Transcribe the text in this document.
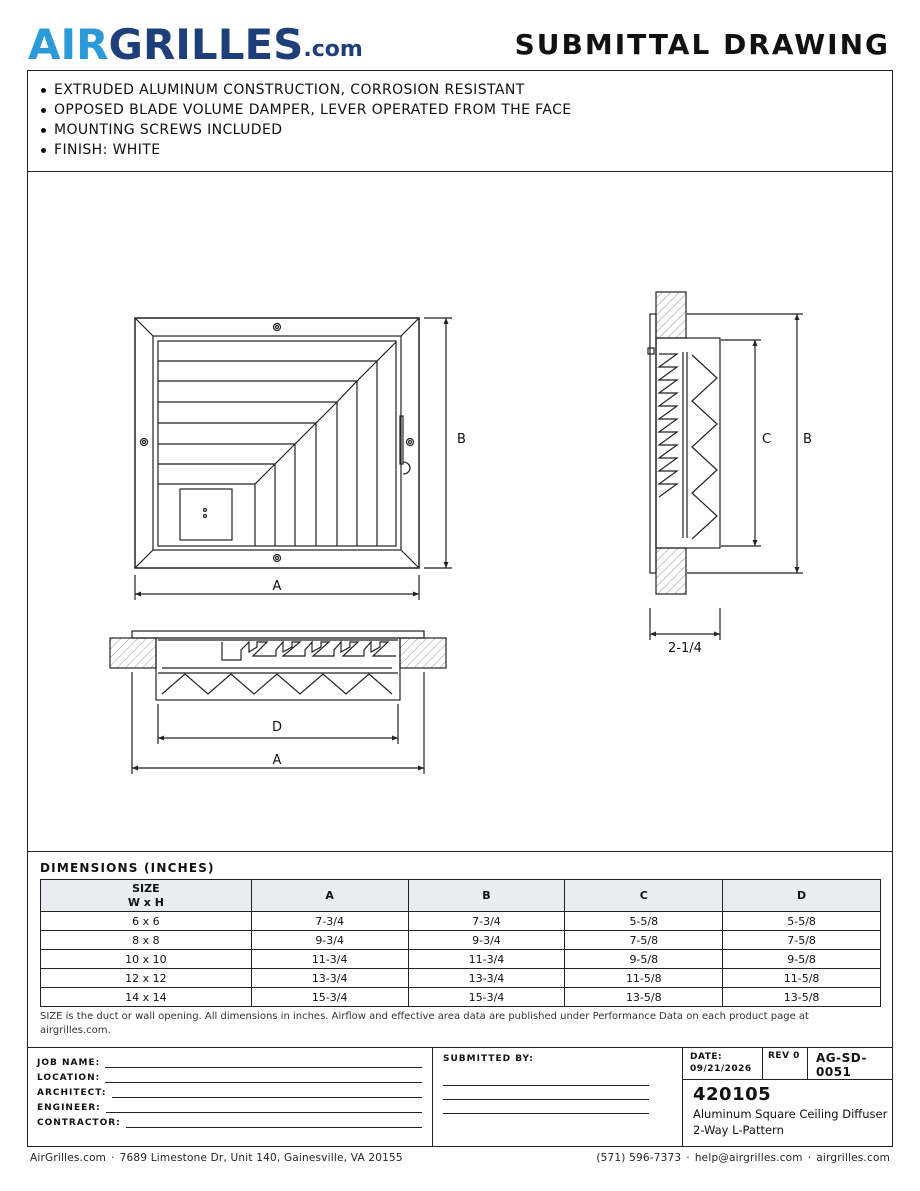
AIR GRILLES .com	SUBMITTAL DRAWING
EXTRUDED ALUMINUM CONSTRUCTION, CORROSION RESISTANT
OPPOSED BLADE VOLUME DAMPER, LEVER OPERATED FROM THE FACE
MOUNTING SCREWS INCLUDED
FINISH: WHITE
A
B	C B
2-1/4
D
A
DIMENSIONS (INCHES)
SIZE
W x H	A	B	C	D
6 x 6	7-3/4	7-3/4	5-5/8	5-5/8
8 x 8	9-3/4	9-3/4	7-5/8	7-5/8
10 x 10	11-3/4	11-3/4	9-5/8	9-5/8
12 x 12	13-3/4	13-3/4	11-5/8	11-5/8
14 x 14	15-3/4	15-3/4	13-5/8	13-5/8
SIZE is the duct or wall opening. All dimensions in inches. Airflow and effective area data are published under Performance Data on each product page at airgrilles.com.
JOB NAME:
LOCATION:
ARCHITECT:
ENGINEER:
CONTRACTOR:
SUBMITTED BY:	DATE:
09/21/2026
REV 0	AG-SD-0051
420105
Aluminum Square Ceiling Diffuser
2-Way L-Pattern
AirGrilles.com · 7689 Limestone Dr, Unit 140, Gainesville, VA 20155	(571) 596-7373 · help@airgrilles.com · airgrilles.com
